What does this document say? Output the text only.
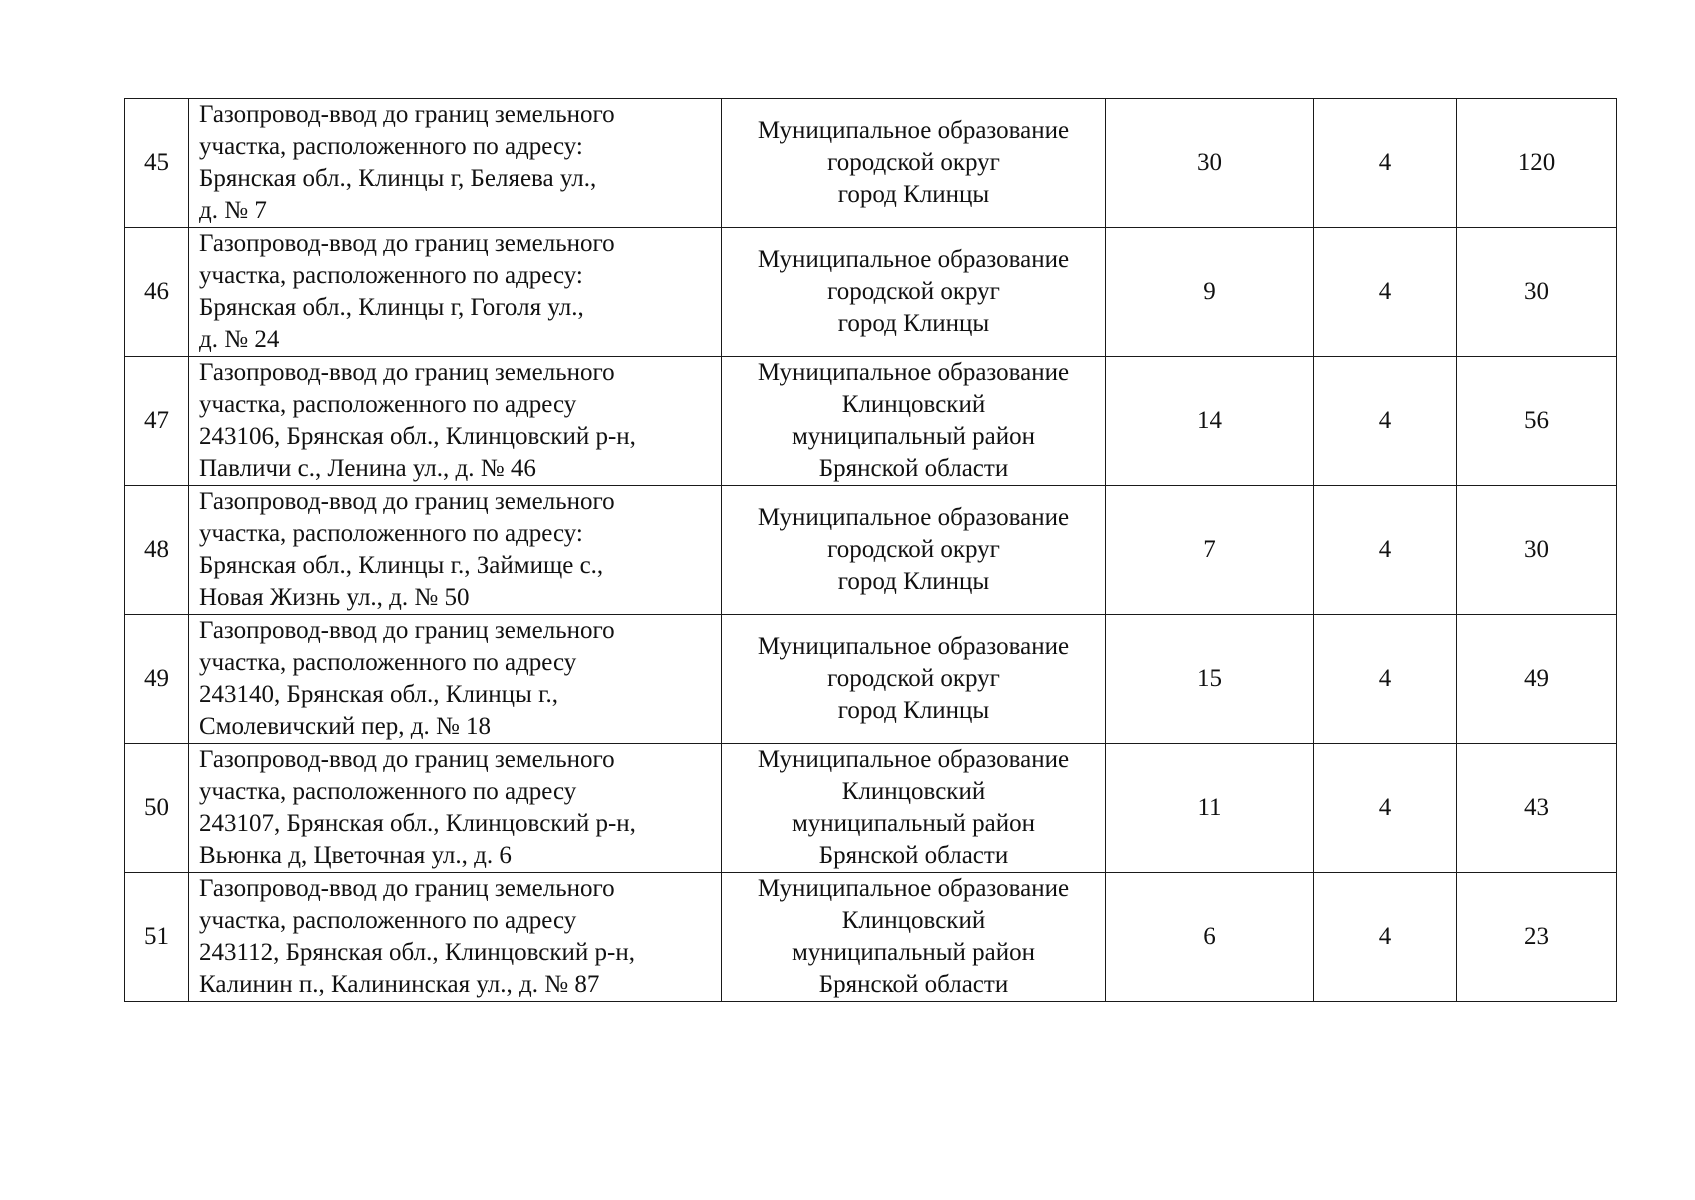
45	Газопровод-ввод до границ земельного
участка, расположенного по адресу:
Брянская обл., Клинцы г, Беляева ул.,
д. № 7	Муниципальное образование
городской округ
город Клинцы	30	4	120
46	Газопровод-ввод до границ земельного
участка, расположенного по адресу:
Брянская обл., Клинцы г, Гоголя ул.,
д. № 24	Муниципальное образование
городской округ
город Клинцы	9	4	30
47	Газопровод-ввод до границ земельного
участка, расположенного по адресу
243106, Брянская обл., Клинцовский р-н,
Павличи с., Ленина ул., д. № 46	Муниципальное образование
Клинцовский
муниципальный район
Брянской области	14	4	56
48	Газопровод-ввод до границ земельного
участка, расположенного по адресу:
Брянская обл., Клинцы г., Займище с.,
Новая Жизнь ул., д. № 50	Муниципальное образование
городской округ
город Клинцы	7	4	30
49	Газопровод-ввод до границ земельного
участка, расположенного по адресу
243140, Брянская обл., Клинцы г.,
Смолевичский пер, д. № 18	Муниципальное образование
городской округ
город Клинцы	15	4	49
50	Газопровод-ввод до границ земельного
участка, расположенного по адресу
243107, Брянская обл., Клинцовский р-н,
Вьюнка д, Цветочная ул., д. 6	Муниципальное образование
Клинцовский
муниципальный район
Брянской области	11	4	43
51	Газопровод-ввод до границ земельного
участка, расположенного по адресу
243112, Брянская обл., Клинцовский р-н,
Калинин п., Калининская ул., д. № 87	Муниципальное образование
Клинцовский
муниципальный район
Брянской области	6	4	23
